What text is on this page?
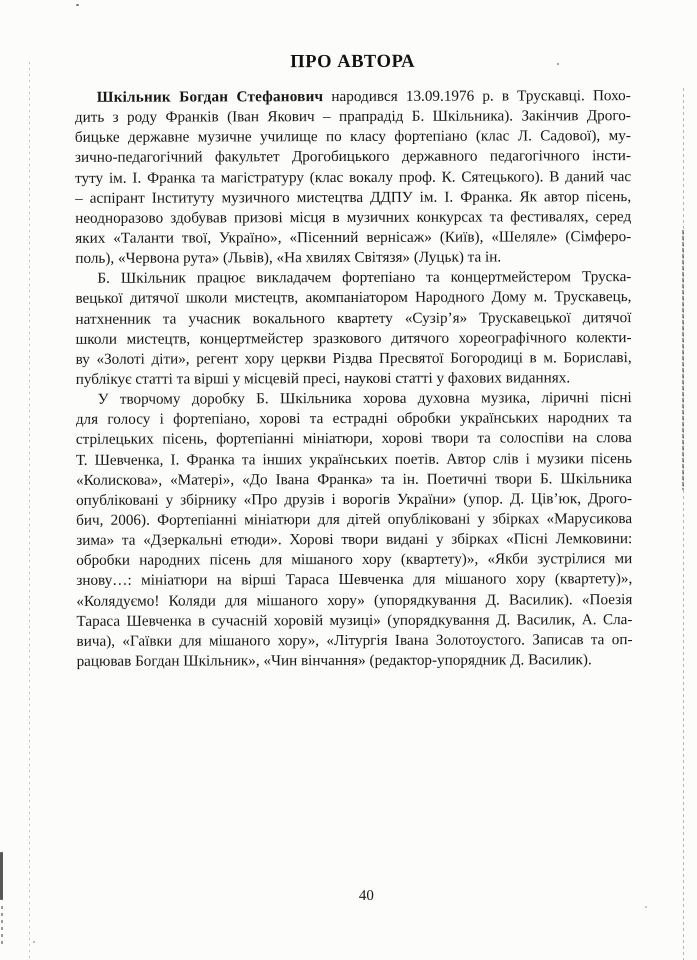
ПРО АВТОРА
Шкільник Богдан Стефанович народився 13.09.1976 р. в Трускавці. Похо-
дить з роду Франків (Іван Якович – прапрадід Б. Шкільника). Закінчив Дрого-
бицьке державне музичне училище по класу фортепіано (клас Л. Садової), му-
зично-педагогічний факультет Дрогобицького державного педагогічного інсти-
туту ім. І. Франка та магістратуру (клас вокалу проф. К. Сятецького). В даний час
– аспірант Інституту музичного мистецтва ДДПУ ім. І. Франка. Як автор пісень,
неодноразово здобував призові місця в музичних конкурсах та фестивалях, серед
яких «Таланти твої, Україно», «Пісенний вернісаж» (Київ), «Шеляле» (Сімферо-
поль), «Червона рута» (Львів), «На хвилях Світязя» (Луцьк) та ін.
Б. Шкільник працює викладачем фортепіано та концертмейстером Труска-
вецької дитячої школи мистецтв, акомпаніатором Народного Дому м. Трускавець,
натхненник та учасник вокального квартету «Сузір’я» Трускавецької дитячої
школи мистецтв, концертмейстер зразкового дитячого хореографічного колекти-
ву «Золоті діти», регент хору церкви Різдва Пресвятої Богородиці в м. Бориславі,
публікує статті та вірші у місцевій пресі, наукові статті у фахових виданнях.
У творчому доробку Б. Шкільника хорова духовна музика, ліричні пісні
для голосу і фортепіано, хорові та естрадні обробки українських народних та
стрілецьких пісень, фортепіанні мініатюри, хорові твори та солоспіви на слова
Т. Шевченка, І. Франка та інших українських поетів. Автор слів і музики пісень
«Колискова», «Матері», «До Івана Франка» та ін. Поетичні твори Б. Шкільника
опубліковані у збірнику «Про друзів і ворогів України» (упор. Д. Ців’юк, Дрого-
бич, 2006). Фортепіанні мініатюри для дітей опубліковані у збірках «Марусикова
зима» та «Дзеркальні етюди». Хорові твори видані у збірках «Пісні Лемковини:
обробки народних пісень для мішаного хору (квартету)», «Якби зустрілися ми
знову…: мініатюри на вірші Тараса Шевченка для мішаного хору (квартету)»,
«Колядуємо! Коляди для мішаного хору» (упорядкування Д. Василик). «Поезія
Тараса Шевченка в сучасній хоровій музиці» (упорядкування Д. Василик, А. Сла-
вича), «Гаївки для мішаного хору», «Літургія Івана Золотоустого. Записав та оп-
рацював Богдан Шкільник», «Чин вінчання» (редактор-упорядник Д. Василик).
40
